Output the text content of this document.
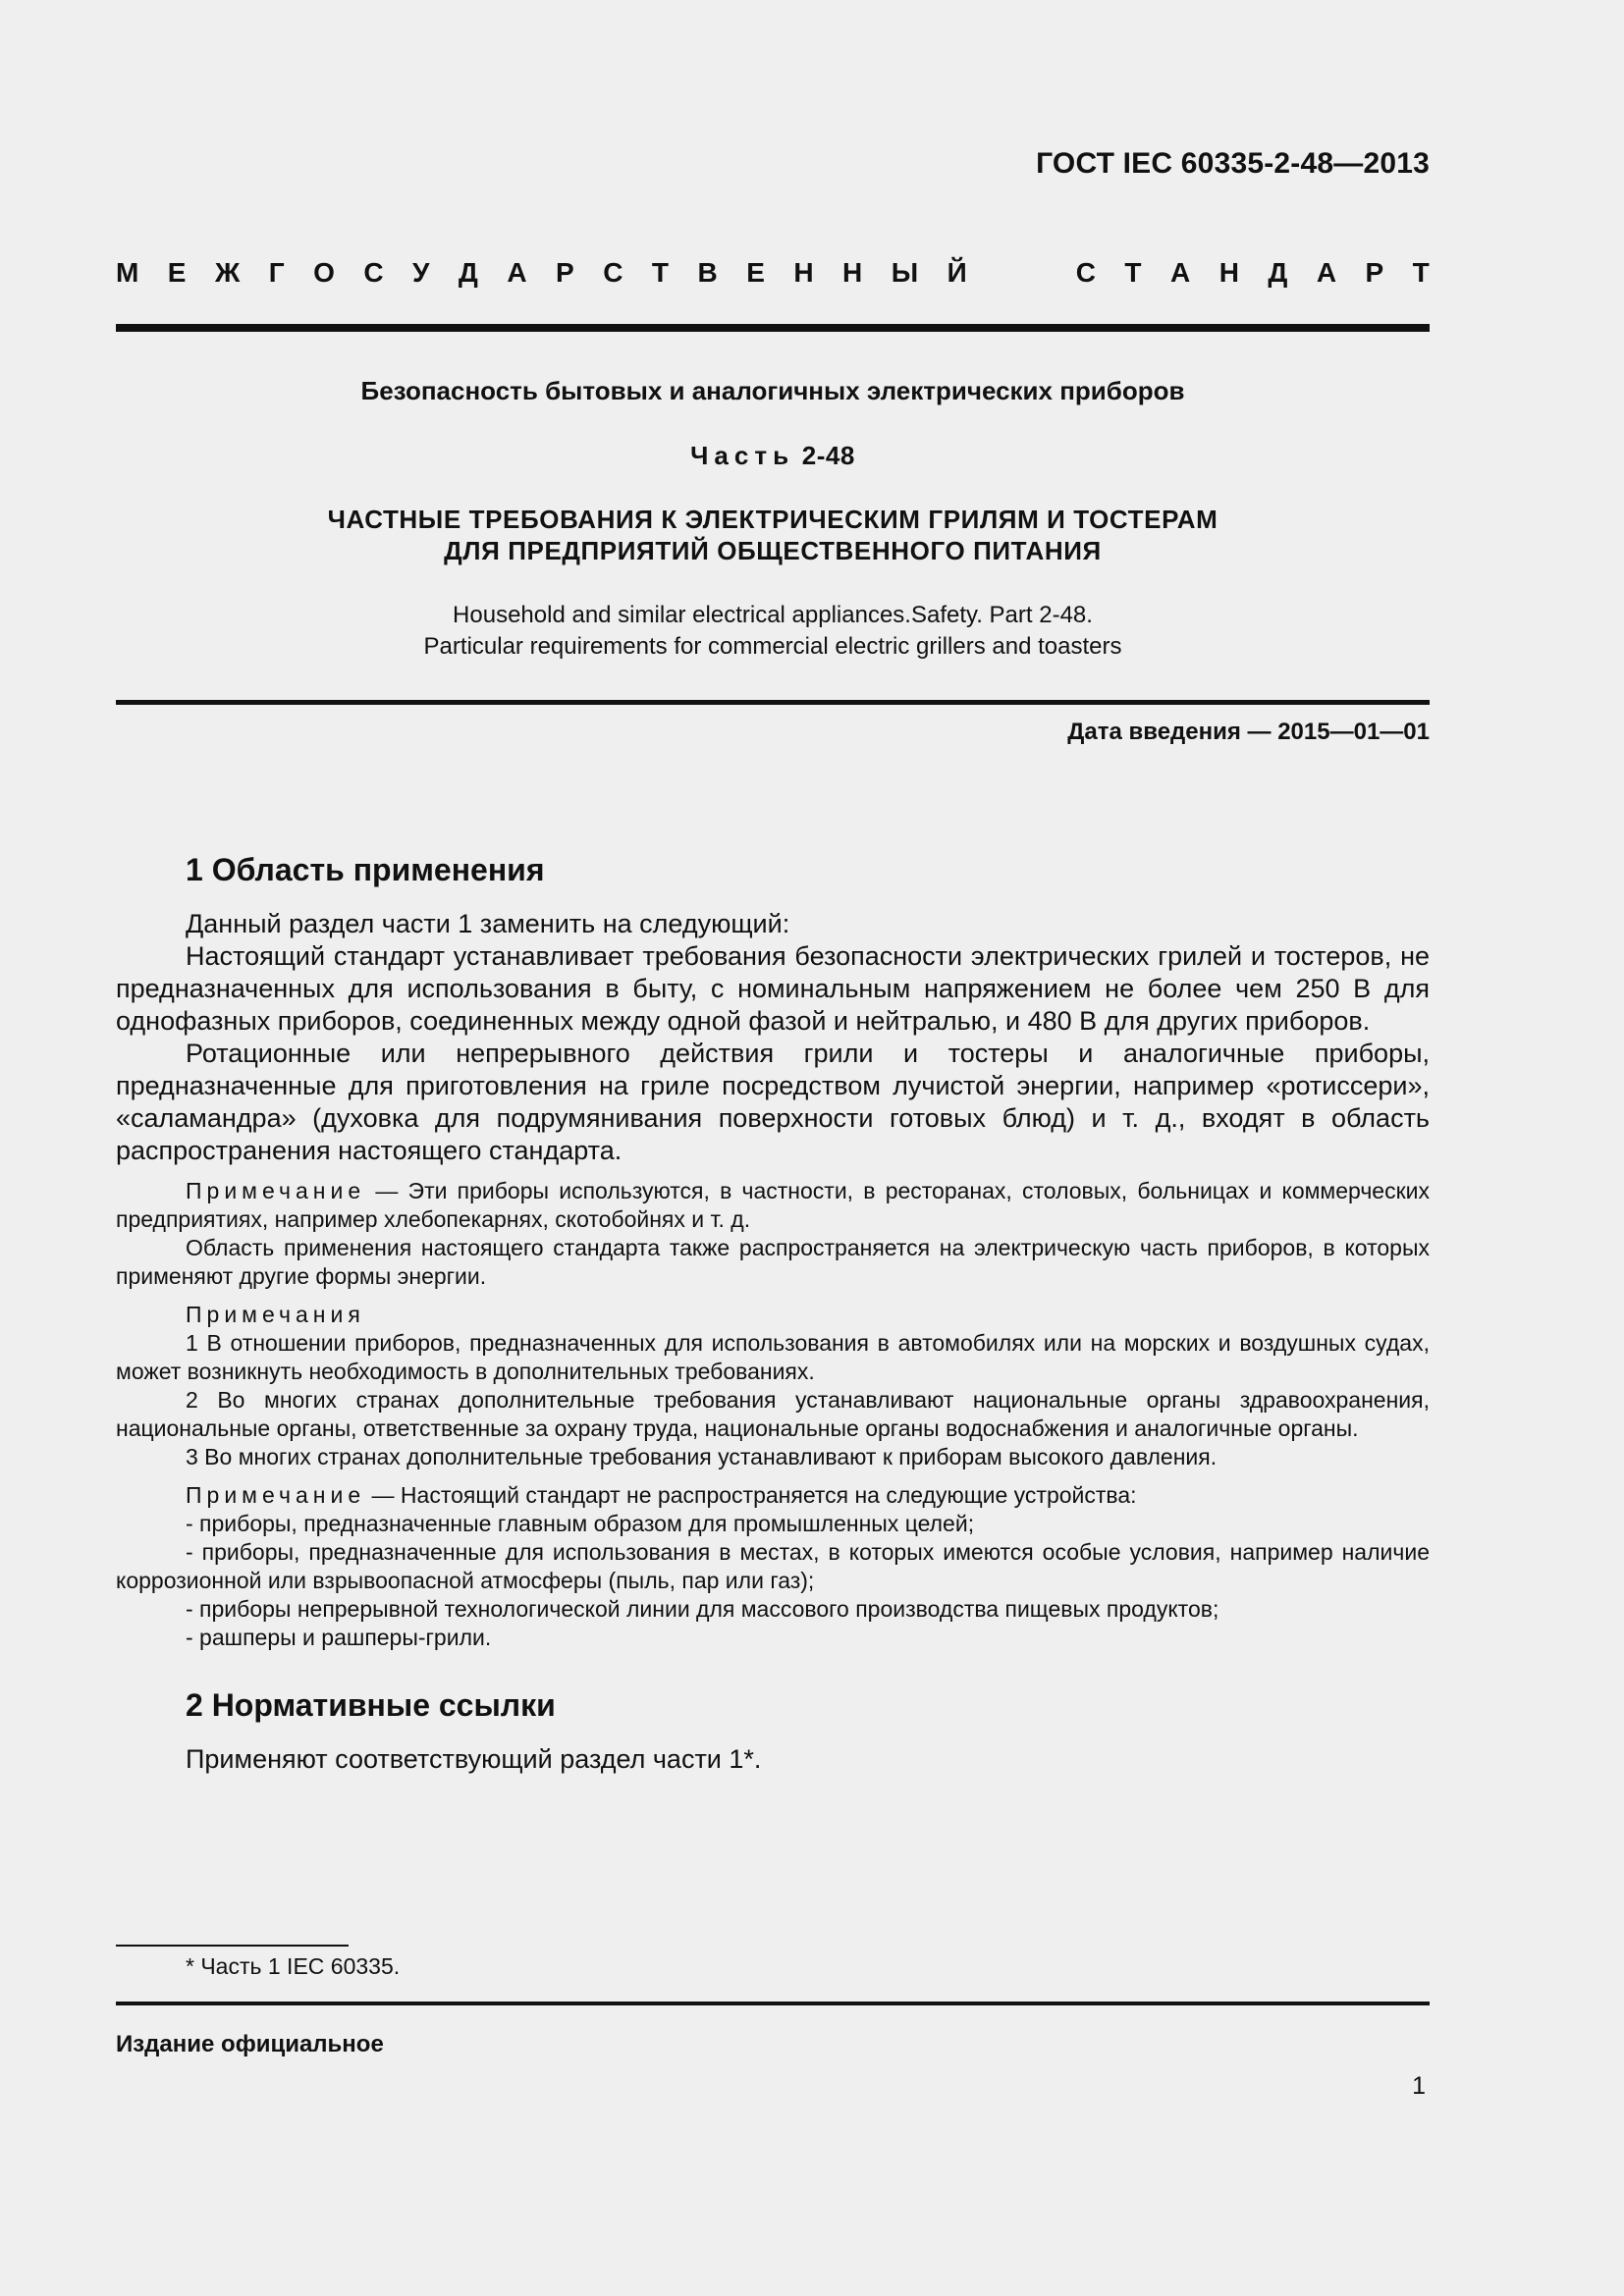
ГОСТ IEC 60335-2-48—2013
М Е Ж Г О С У Д А Р С Т В Е Н Н Ы Й	С Т А Н Д А Р Т
Безопасность бытовых и аналогичных электрических приборов
Часть 2-48
ЧАСТНЫЕ ТРЕБОВАНИЯ К ЭЛЕКТРИЧЕСКИМ ГРИЛЯМ И ТОСТЕРАМ
ДЛЯ ПРЕДПРИЯТИЙ ОБЩЕСТВЕННОГО ПИТАНИЯ
Household and similar electrical appliances.Safety. Part 2-48.
Particular requirements for commercial electric grillers and toasters
Дата введения — 2015—01—01
1 Область применения

Данный раздел части 1 заменить на следующий:

Настоящий стандарт устанавливает требования безопасности электрических грилей и тостеров, не предназначенных для использования в быту, с номинальным напряжением не более чем 250 В для однофазных приборов, соединенных между одной фазой и нейтралью, и 480 В для других приборов.

Ротационные или непрерывного действия грили и тостеры и аналогичные приборы, предназначенные для приготовления на гриле посредством лучистой энергии, например «ротиссери», «саламандра» (духовка для подрумянивания поверхности готовых блюд) и т. д., входят в область распространения настоящего стандарта.

Примечание — Эти приборы используются, в частности, в ресторанах, столовых, больницах и коммерческих предприятиях, например хлебопекарнях, скотобойнях и т. д.

Область применения настоящего стандарта также распространяется на электрическую часть приборов, в которых применяют другие формы энергии.

Примечания

1 В отношении приборов, предназначенных для использования в автомобилях или на морских и воздушных судах, может возникнуть необходимость в дополнительных требованиях.

2 Во многих странах дополнительные требования устанавливают национальные органы здравоохранения, национальные органы, ответственные за охрану труда, национальные органы водоснабжения и аналогичные органы.

3 Во многих странах дополнительные требования устанавливают к приборам высокого давления.

Примечание — Настоящий стандарт не распространяется на следующие устройства:

- приборы, предназначенные главным образом для промышленных целей;

- приборы, предназначенные для использования в местах, в которых имеются особые условия, например наличие коррозионной или взрывоопасной атмосферы (пыль, пар или газ);

- приборы непрерывной технологической линии для массового производства пищевых продуктов;

- рашперы и рашперы-грили.

2 Нормативные ссылки

Применяют соответствующий раздел части 1*.

* Часть 1 IEC 60335.
Издание официальное
1
